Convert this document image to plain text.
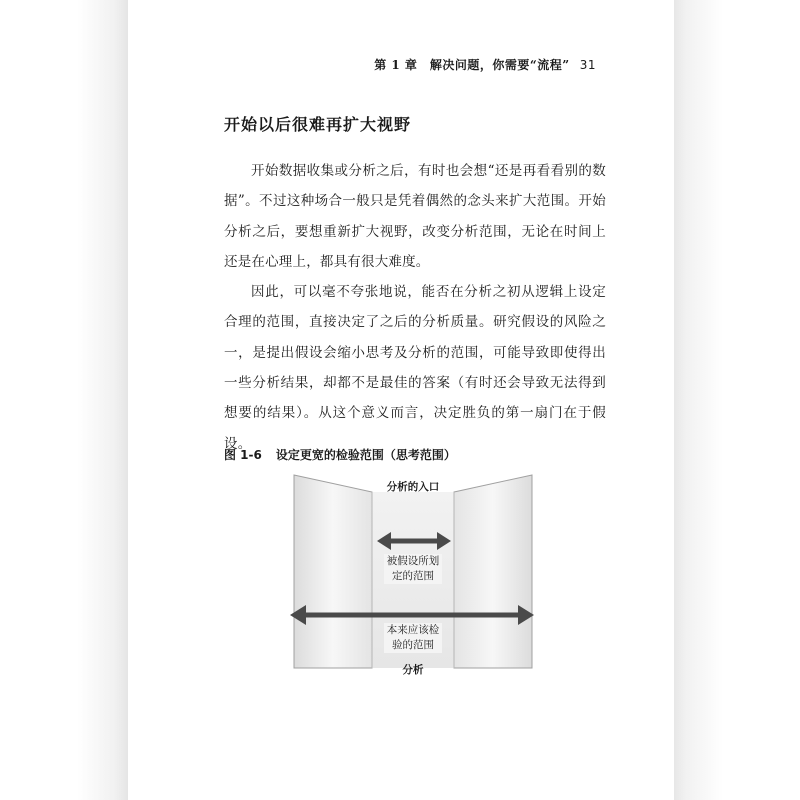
第 1 章　解决问题，你需要“流程” 31
开始以后很难再扩大视野

开始数据收集或分析之后，有时也会想“还是再看看别的数据”。不过这种场合一般只是凭着偶然的念头来扩大范围。开始分析之后，要想重新扩大视野，改变分析范围，无论在时间上还是在心理上，都具有很大难度。

因此，可以毫不夸张地说，能否在分析之初从逻辑上设定合理的范围，直接决定了之后的分析质量。研究假设的风险之一，是提出假设会缩小思考及分析的范围，可能导致即使得出一些分析结果，却都不是最佳的答案（有时还会导致无法得到想要的结果）。从这个意义而言，决定胜负的第一扇门在于假设。

图 1-6 设定更宽的检验范围（思考范围）
分析的入口
被假设所划定的范围
本来应该检验的范围
分析
